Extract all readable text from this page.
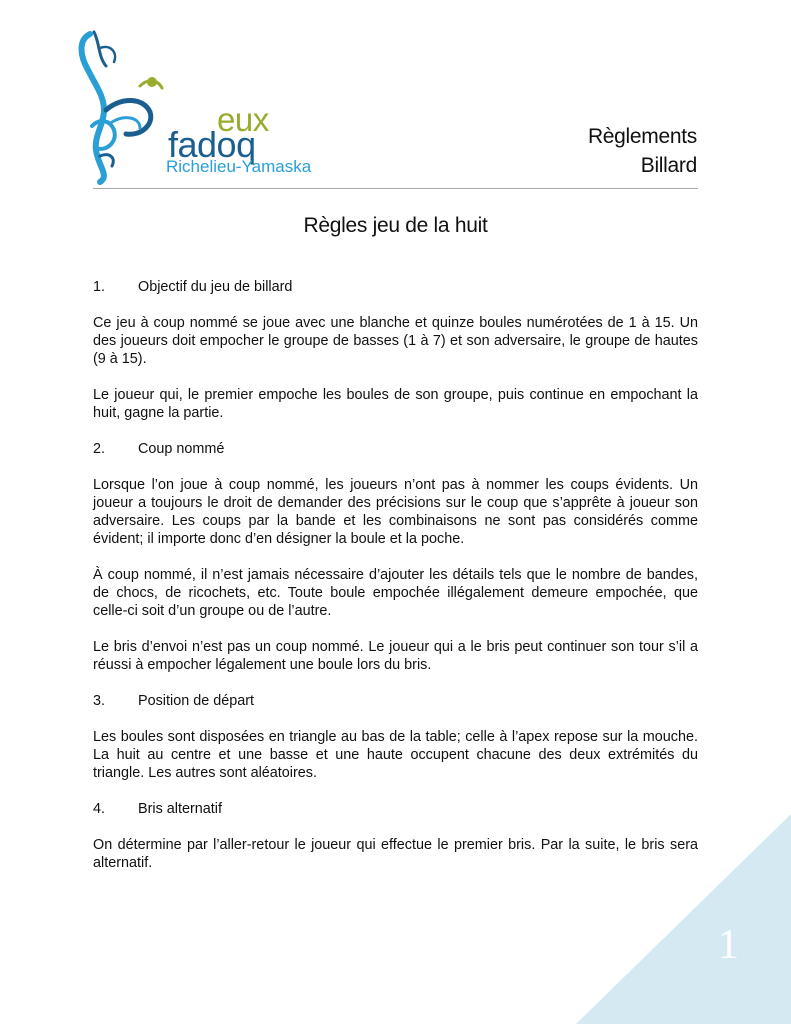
eux
fadoq
Richelieu-Yamaska
Règlements
Billard
Règles jeu de la huit
1. Objectif du jeu de billard

Ce jeu à coup nommé se joue avec une blanche et quinze boules numérotées de 1 à 15. Un des joueurs doit empocher le groupe de basses (1 à 7) et son adversaire, le groupe de hautes (9 à 15).

Le joueur qui, le premier empoche les boules de son groupe, puis continue en empochant la huit, gagne la partie.

2. Coup nommé

Lorsque l’on joue à coup nommé, les joueurs n’ont pas à nommer les coups évidents. Un joueur a toujours le droit de demander des précisions sur le coup que s’apprête à joueur son adversaire. Les coups par la bande et les combinaisons ne sont pas considérés comme évident; il importe donc d’en désigner la boule et la poche.

À coup nommé, il n’est jamais nécessaire d’ajouter les détails tels que le nombre de bandes, de chocs, de ricochets, etc. Toute boule empochée illégalement demeure empochée, que celle-ci soit d’un groupe ou de l’autre.

Le bris d’envoi n’est pas un coup nommé. Le joueur qui a le bris peut continuer son tour s’il a réussi à empocher légalement une boule lors du bris.

3. Position de départ

Les boules sont disposées en triangle au bas de la table; celle à l’apex repose sur la mouche. La huit au centre et une basse et une haute occupent chacune des deux extrémités du triangle. Les autres sont aléatoires.

4. Bris alternatif

On détermine par l’aller-retour le joueur qui effectue le premier bris. Par la suite, le bris sera alternatif.

1
